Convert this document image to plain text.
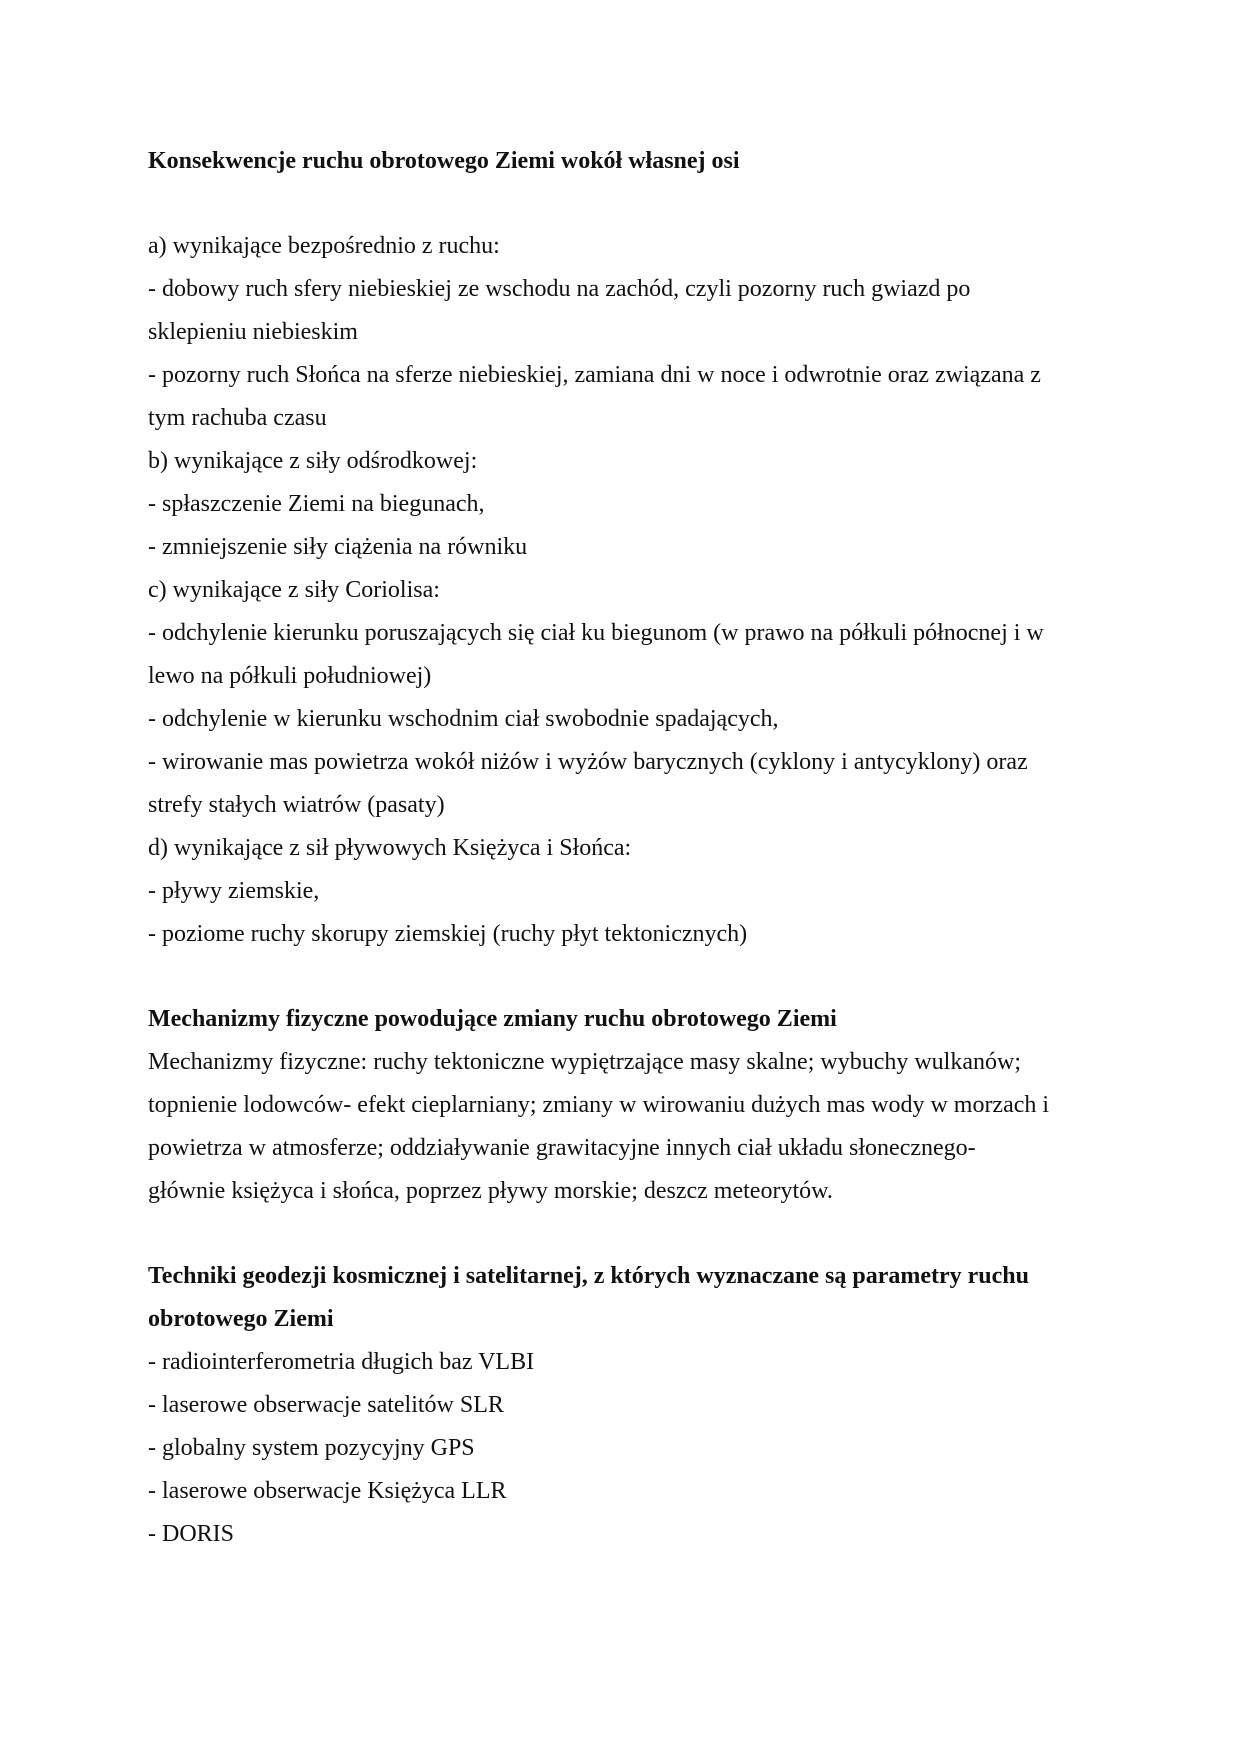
Konsekwencje ruchu obrotowego Ziemi wokół własnej osi
a) wynikające bezpośrednio z ruchu:
- dobowy ruch sfery niebieskiej ze wschodu na zachód, czyli pozorny ruch gwiazd po
sklepieniu niebieskim
- pozorny ruch Słońca na sferze niebieskiej, zamiana dni w noce i odwrotnie oraz związana z
tym rachuba czasu
b) wynikające z siły odśrodkowej:
- spłaszczenie Ziemi na biegunach,
- zmniejszenie siły ciążenia na równiku
c) wynikające z siły Coriolisa:
- odchylenie kierunku poruszających się ciał ku biegunom (w prawo na półkuli północnej i w
lewo na półkuli południowej)
- odchylenie w kierunku wschodnim ciał swobodnie spadających,
- wirowanie mas powietrza wokół niżów i wyżów barycznych (cyklony i antycyklony) oraz
strefy stałych wiatrów (pasaty)
d) wynikające z sił pływowych Księżyca i Słońca:
- pływy ziemskie,
- poziome ruchy skorupy ziemskiej (ruchy płyt tektonicznych)
Mechanizmy fizyczne powodujące zmiany ruchu obrotowego Ziemi
Mechanizmy fizyczne: ruchy tektoniczne wypiętrzające masy skalne; wybuchy wulkanów;
topnienie lodowców- efekt cieplarniany; zmiany w wirowaniu dużych mas wody w morzach i
powietrza w atmosferze; oddziaływanie grawitacyjne innych ciał układu słonecznego-
głównie księżyca i słońca, poprzez pływy morskie; deszcz meteorytów.
Techniki geodezji kosmicznej i satelitarnej, z których wyznaczane są parametry ruchu
obrotowego Ziemi
- radiointerferometria długich baz VLBI
- laserowe obserwacje satelitów SLR
- globalny system pozycyjny GPS
- laserowe obserwacje Księżyca LLR
- DORIS
